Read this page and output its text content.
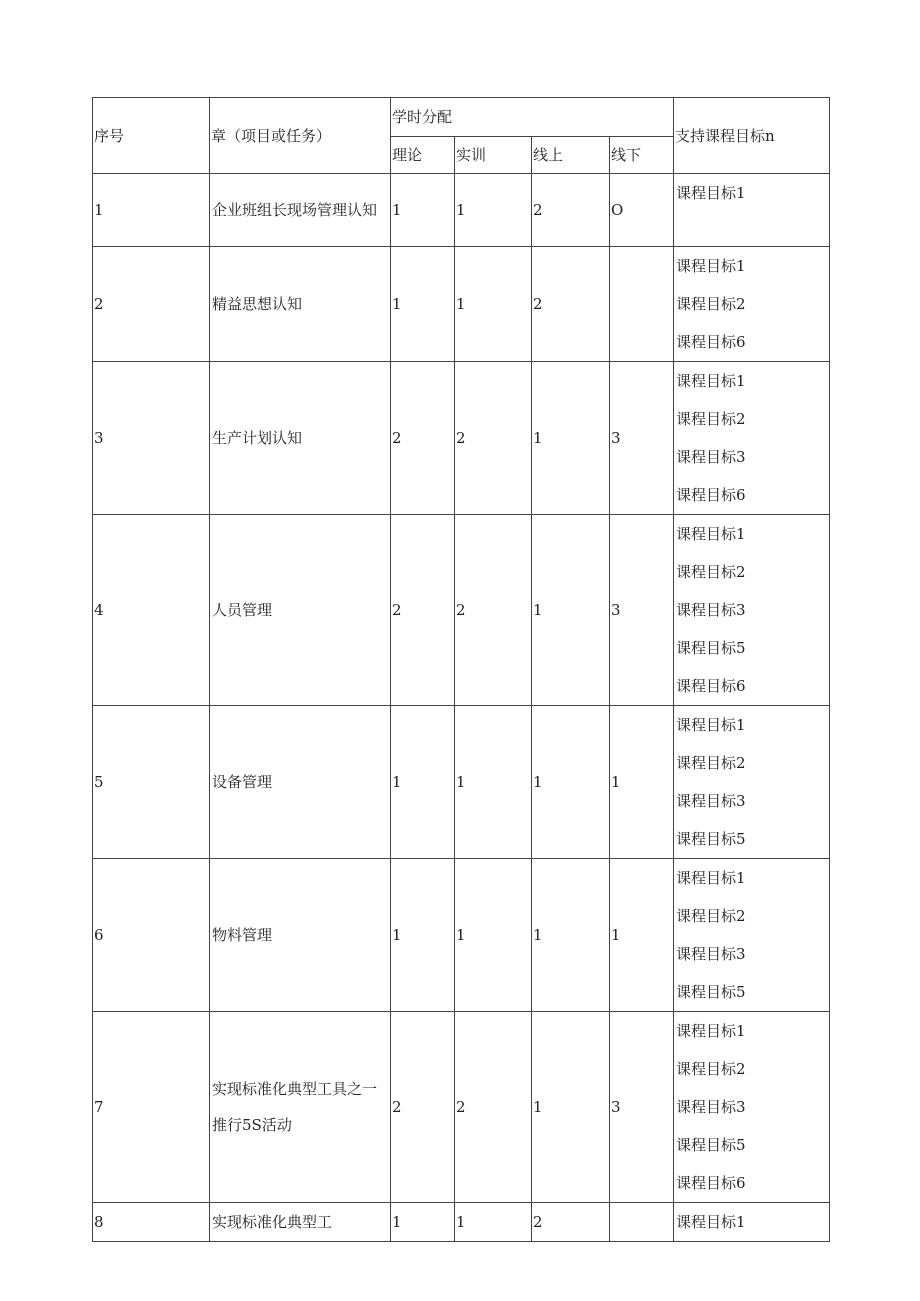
序号	章（项目或任务）	学时分配				支持课程目标n
		理论	实训	线上	线下	
1	企业班组长现场管理认知	1	1	2	O	课程目标1

2	精益思想认知	1	1	2		课程目标1
课程目标2
课程目标6

3	生产计划认知	2	2	1	3	课程目标1
课程目标2
课程目标3
课程目标6

4	人员管理	2	2	1	3	课程目标1
课程目标2
课程目标3
课程目标5
课程目标6

5	设备管理	1	1	1	1	课程目标1
课程目标2
课程目标3
课程目标5

6	物料管理	1	1	1	1	课程目标1
课程目标2
课程目标3
课程目标5

7	实现标准化典型工具之一推行5S活动	2	2	1	3	课程目标1
课程目标2
课程目标3
课程目标5
课程目标6

8	实现标准化典型工	1	1	2		课程目标1
